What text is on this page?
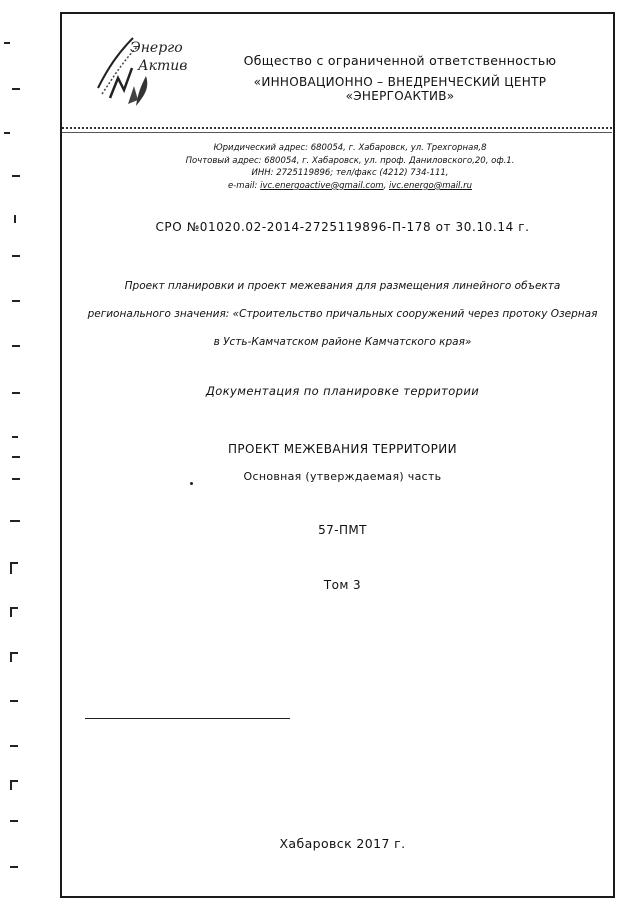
Энерго
Актив	Общество с ограниченной ответственностью
«ИННОВАЦИОННО – ВНЕДРЕНЧЕСКИЙ ЦЕНТР «ЭНЕРГОАКТИВ»
Юридический адрес: 680054, г. Хабаровск, ул. Трехгорная,8
Почтовый адрес: 680054, г. Хабаровск, ул. проф. Даниловского,20, оф.1.
ИНН: 2725119896; тел/факс (4212) 734-111,
e-mail: ivc.energoactive@gmail.com, ivc.energo@mail.ru
СРО №01020.02-2014-2725119896-П-178 от 30.10.14 г.
Проект планировки и проект межевания для размещения линейного объекта
регионального значения: «Строительство причальных сооружений через протоку Озерная
в Усть-Камчатском районе Камчатского края»
Документация по планировке территории
ПРОЕКТ МЕЖЕВАНИЯ ТЕРРИТОРИИ
Основная (утверждаемая) часть
57-ПМТ
Том 3
Хабаровск 2017 г.
